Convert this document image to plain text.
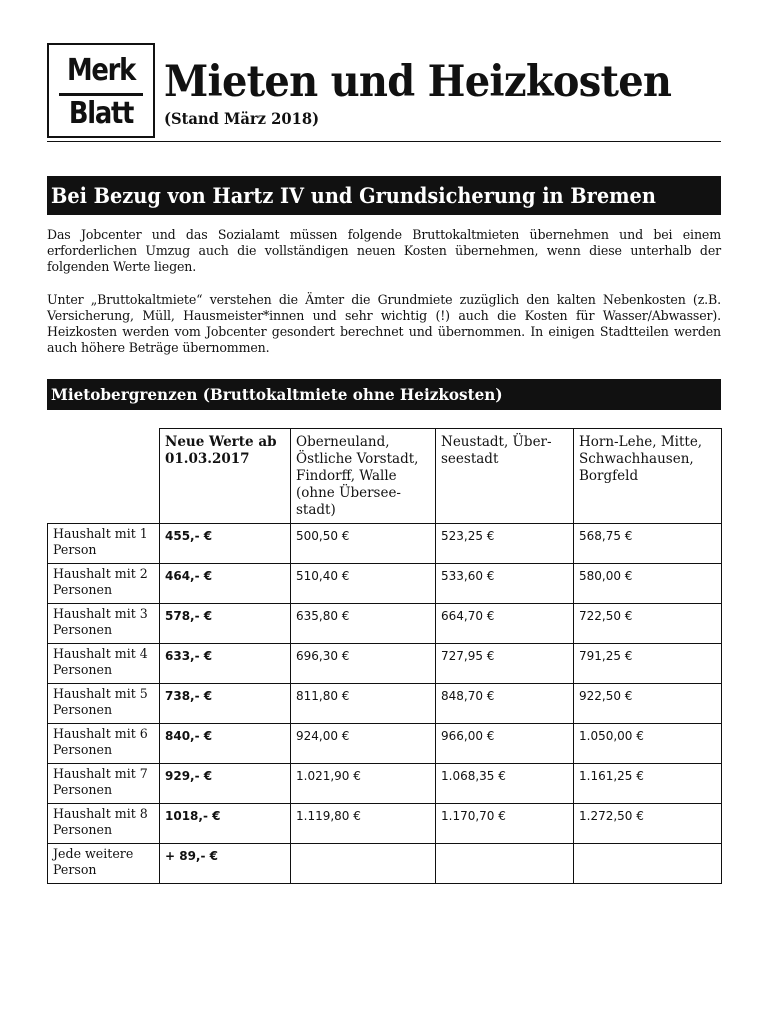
Merk
Blatt
Mieten und Heizkosten
(Stand März 2018)
Bei Bezug von Hartz IV und Grundsicherung in Bremen

Das Jobcenter und das Sozialamt müssen folgende Bruttokaltmieten übernehmen und bei einem erforderlichen Umzug auch die vollständigen neuen Kosten übernehmen, wenn diese unterhalb der folgenden Werte liegen.

Unter „Bruttokaltmiete“ verstehen die Ämter die Grundmiete zuzüglich den kalten Nebenkosten (z.B. Versicherung, Müll, Hausmeister*innen und sehr wichtig (!) auch die Kosten für Wasser/Abwasser). Heizkosten werden vom Jobcenter gesondert berechnet und übernommen. In einigen Stadtteilen werden auch höhere Beträge übernommen.

Mietobergrenzen (Bruttokaltmiete ohne Heizkosten)
	Neue Werte ab 01.03.2017	Oberneuland, Östliche Vorstadt, Findorff, Walle (ohne Übersee-stadt)	Neustadt, Über-seestadt	Horn-Lehe, Mitte, Schwachhausen, Borgfeld
Haushalt mit 1 Person	455,- €	500,50 €	523,25 €	568,75 €
Haushalt mit 2 Personen	464,- €	510,40 €	533,60 €	580,00 €
Haushalt mit 3 Personen	578,- €	635,80 €	664,70 €	722,50 €
Haushalt mit 4 Personen	633,- €	696,30 €	727,95 €	791,25 €
Haushalt mit 5 Personen	738,- €	811,80 €	848,70 €	922,50 €
Haushalt mit 6 Personen	840,- €	924,00 €	966,00 €	1.050,00 €
Haushalt mit 7 Personen	929,- €	1.021,90 €	1.068,35 €	1.161,25 €
Haushalt mit 8 Personen	1018,- €	1.119,80 €	1.170,70 €	1.272,50 €
Jede weitere Person	+ 89,- €			
